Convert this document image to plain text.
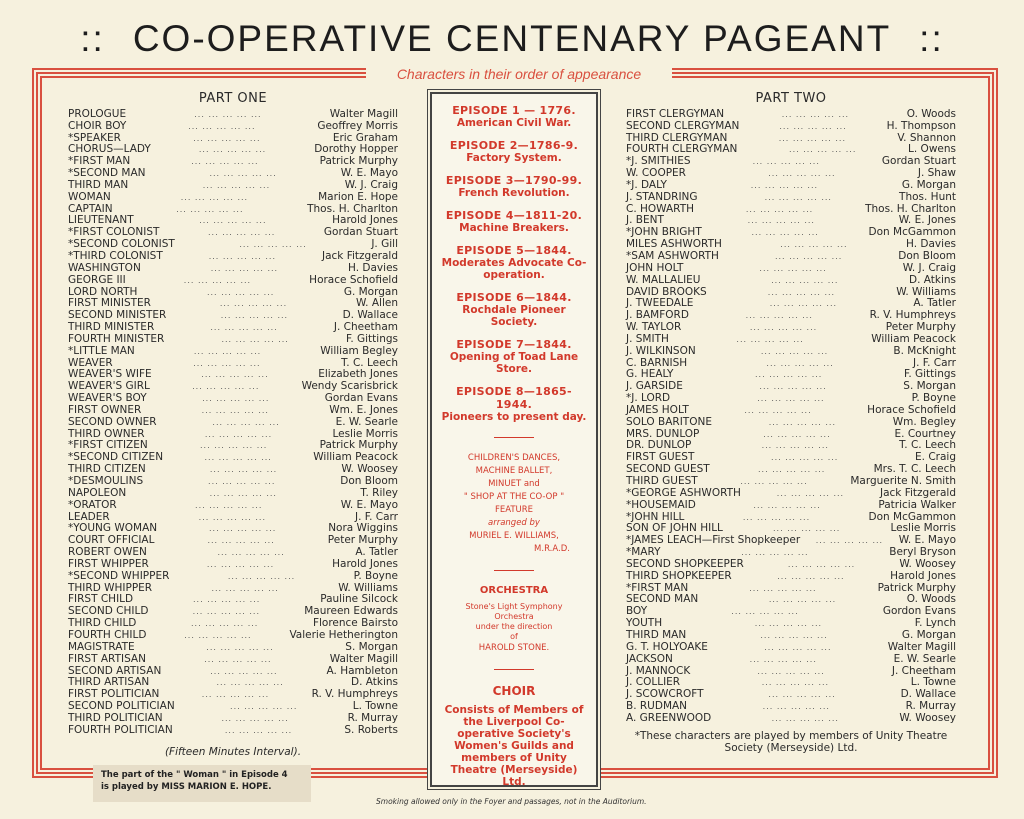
:: CO-OPERATIVE CENTENARY PAGEANT ::
Characters in their order of appearance
PART ONE
PROLOGUE	... ... ... ... ...	Walter Magill
CHOIR BOY	... ... ... ... ...	Geoffrey Morris
*SPEAKER	... ... ... ... ...	Eric Graham
CHORUS—LADY	... ... ... ... ...	Dorothy Hopper
*FIRST MAN	... ... ... ... ...	Patrick Murphy
*SECOND MAN	... ... ... ... ...	W. E. Mayo
THIRD MAN	... ... ... ... ...	W. J. Craig
WOMAN	... ... ... ... ...	Marion E. Hope
CAPTAIN	... ... ... ... ...	Thos. H. Charlton
LIEUTENANT	... ... ... ... ...	Harold Jones
*FIRST COLONIST	... ... ... ... ...	Gordan Stuart
*SECOND COLONIST	... ... ... ... ...	J. Gill
*THIRD COLONIST	... ... ... ... ...	Jack Fitzgerald
WASHINGTON	... ... ... ... ...	H. Davies
GEORGE III	... ... ... ... ...	Horace Schofield
LORD NORTH	... ... ... ... ...	G. Morgan
FIRST MINISTER	... ... ... ... ...	W. Allen
SECOND MINISTER	... ... ... ... ...	D. Wallace
THIRD MINISTER	... ... ... ... ...	J. Cheetham
FOURTH MINISTER	... ... ... ... ...	F. Gittings
*LITTLE MAN	... ... ... ... ...	William Begley
WEAVER	... ... ... ... ...	T. C. Leech
WEAVER'S WIFE	... ... ... ... ...	Elizabeth Jones
WEAVER'S GIRL	... ... ... ... ...	Wendy Scarisbrick
WEAVER'S BOY	... ... ... ... ...	Gordan Evans
FIRST OWNER	... ... ... ... ...	Wm. E. Jones
SECOND OWNER	... ... ... ... ...	E. W. Searle
THIRD OWNER	... ... ... ... ...	Leslie Morris
*FIRST CITIZEN	... ... ... ... ...	Patrick Murphy
*SECOND CITIZEN	... ... ... ... ...	William Peacock
THIRD CITIZEN	... ... ... ... ...	W. Woosey
*DESMOULINS	... ... ... ... ...	Don Bloom
NAPOLEON	... ... ... ... ...	T. Riley
*ORATOR	... ... ... ... ...	W. E. Mayo
LEADER	... ... ... ... ...	J. F. Carr
*YOUNG WOMAN	... ... ... ... ...	Nora Wiggins
COURT OFFICIAL	... ... ... ... ...	Peter Murphy
ROBERT OWEN	... ... ... ... ...	A. Tatler
FIRST WHIPPER	... ... ... ... ...	Harold Jones
*SECOND WHIPPER	... ... ... ... ...	P. Boyne
THIRD WHIPPER	... ... ... ... ...	W. Williams
FIRST CHILD	... ... ... ... ...	Pauline Silcock
SECOND CHILD	... ... ... ... ...	Maureen Edwards
THIRD CHILD	... ... ... ... ...	Florence Bairsto
FOURTH CHILD	... ... ... ... ...	Valerie Hetherington
MAGISTRATE	... ... ... ... ...	S. Morgan
FIRST ARTISAN	... ... ... ... ...	Walter Magill
SECOND ARTISAN	... ... ... ... ...	A. Hambleton
THIRD ARTISAN	... ... ... ... ...	D. Atkins
FIRST POLITICIAN	... ... ... ... ...	R. V. Humphreys
SECOND POLITICIAN	... ... ... ... ...	L. Towne
THIRD POLITICIAN	... ... ... ... ...	R. Murray
FOURTH POLITICIAN	... ... ... ... ...	S. Roberts
(Fifteen Minutes Interval).
PART TWO
FIRST CLERGYMAN	... ... ... ... ...	O. Woods
SECOND CLERGYMAN	... ... ... ... ...	H. Thompson
THIRD CLERGYMAN	... ... ... ... ...	V. Shannon
FOURTH CLERGYMAN	... ... ... ... ...	L. Owens
*J. SMITHIES	... ... ... ... ...	Gordan Stuart
W. COOPER	... ... ... ... ...	J. Shaw
*J. DALY	... ... ... ... ...	G. Morgan
J. STANDRING	... ... ... ... ...	Thos. Hunt
C. HOWARTH	... ... ... ... ...	Thos. H. Charlton
J. BENT	... ... ... ... ...	W. E. Jones
*JOHN BRIGHT	... ... ... ... ...	Don McGammon
MILES ASHWORTH	... ... ... ... ...	H. Davies
*SAM ASHWORTH	... ... ... ... ...	Don Bloom
JOHN HOLT	... ... ... ... ...	W. J. Craig
W. MALLALIEU	... ... ... ... ...	D. Atkins
DAVID BROOKS	... ... ... ... ...	W. Williams
J. TWEEDALE	... ... ... ... ...	A. Tatler
J. BAMFORD	... ... ... ... ...	R. V. Humphreys
W. TAYLOR	... ... ... ... ...	Peter Murphy
J. SMITH	... ... ... ... ...	William Peacock
J. WILKINSON	... ... ... ... ...	B. McKnight
C. BARNISH	... ... ... ... ...	J. F. Carr
G. HEALY	... ... ... ... ...	F. Gittings
J. GARSIDE	... ... ... ... ...	S. Morgan
*J. LORD	... ... ... ... ...	P. Boyne
JAMES HOLT	... ... ... ... ...	Horace Schofield
SOLO BARITONE	... ... ... ... ...	Wm. Begley
MRS. DUNLOP	... ... ... ... ...	E. Courtney
DR. DUNLOP	... ... ... ... ...	T. C. Leech
FIRST GUEST	... ... ... ... ...	E. Craig
SECOND GUEST	... ... ... ... ...	Mrs. T. C. Leech
THIRD GUEST	... ... ... ... ...	Marguerite N. Smith
*GEORGE ASHWORTH	... ... ... ... ...	Jack Fitzgerald
*HOUSEMAID	... ... ... ... ...	Patricia Walker
*JOHN HILL	... ... ... ... ...	Don McGammon
SON OF JOHN HILL	... ... ... ... ...	Leslie Morris
*JAMES LEACH—First Shopkeeper	... ... ... ... ...	W. E. Mayo
*MARY	... ... ... ... ...	Beryl Bryson
SECOND SHOPKEEPER	... ... ... ... ...	W. Woosey
THIRD SHOPKEEPER	... ... ... ... ...	Harold Jones
*FIRST MAN	... ... ... ... ...	Patrick Murphy
SECOND MAN	... ... ... ... ...	O. Woods
BOY	... ... ... ... ...	Gordon Evans
YOUTH	... ... ... ... ...	F. Lynch
THIRD MAN	... ... ... ... ...	G. Morgan
G. T. HOLYOAKE	... ... ... ... ...	Walter Magill
JACKSON	... ... ... ... ...	E. W. Searle
J. MANNOCK	... ... ... ... ...	J. Cheetham
J. COLLIER	... ... ... ... ...	L. Towne
J. SCOWCROFT	... ... ... ... ...	D. Wallace
B. RUDMAN	... ... ... ... ...	R. Murray
A. GREENWOOD	... ... ... ... ...	W. Woosey
*These characters are played by members of Unity Theatre Society (Merseyside) Ltd.
EPISODE 1 — 1776.
American Civil War.
EPISODE 2—1786-9.
Factory System.
EPISODE 3—1790-99.
French Revolution.
EPISODE 4—1811-20.
Machine Breakers.
EPISODE 5—1844.
Moderates Advocate Co-operation.
EPISODE 6—1844.
Rochdale Pioneer Society.
EPISODE 7—1844.
Opening of Toad Lane Store.
EPISODE 8—1865-1944.
Pioneers to present day.
CHILDREN'S DANCES,
MACHINE BALLET,
MINUET and
" SHOP AT THE CO-OP "
FEATURE
arranged by
MURIEL E. WILLIAMS,
M.R.A.D.
ORCHESTRA
Stone's Light Symphony
Orchestra
under the direction
of
HAROLD STONE.
CHOIR
Consists of Members of the Liverpool Co-operative Society's Women's Guilds and members of Unity Theatre (Merseyside) Ltd.
The part of the " Woman " in Episode 4
is played by MISS MARION E. HOPE.
Smoking allowed only in the Foyer and passages, not in the Auditorium.
